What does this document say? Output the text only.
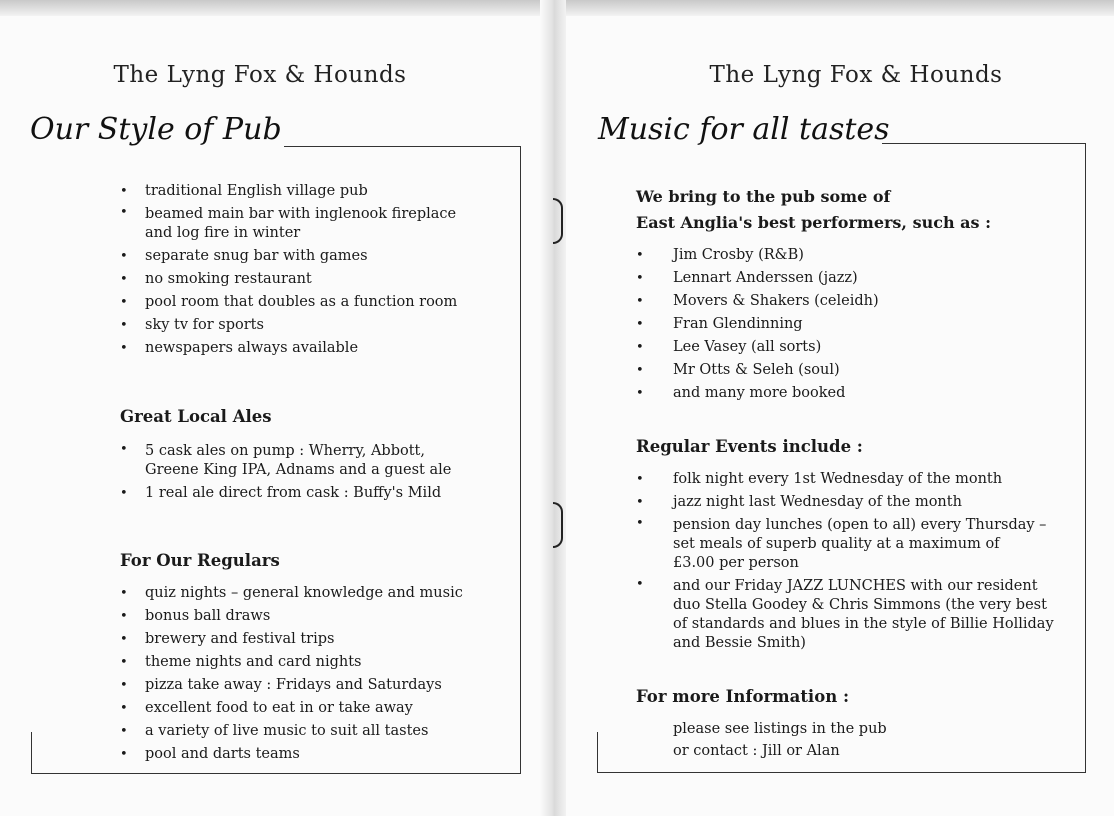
The Lyng Fox & Hounds
Our Style of Pub
• traditional English village pub
• beamed main bar with inglenook fireplace
and log fire in winter
• separate snug bar with games
• no smoking restaurant
• pool room that doubles as a function room
• sky tv for sports
• newspapers always available
Great Local Ales
• 5 cask ales on pump : Wherry, Abbott,
Greene King IPA, Adnams and a guest ale
• 1 real ale direct from cask : Buffy's Mild
For Our Regulars
• quiz nights – general knowledge and music
• bonus ball draws
• brewery and festival trips
• theme nights and card nights
• pizza take away : Fridays and Saturdays
• excellent food to eat in or take away
• a variety of live music to suit all tastes
• pool and darts teams
The Lyng Fox & Hounds
Music for all tastes
We bring to the pub some of
East Anglia's best performers, such as :
• Jim Crosby (R&B)
• Lennart Anderssen (jazz)
• Movers & Shakers (celeidh)
• Fran Glendinning
• Lee Vasey (all sorts)
• Mr Otts & Seleh (soul)
• and many more booked
Regular Events include :
• folk night every 1st Wednesday of the month
• jazz night last Wednesday of the month
• pension day lunches (open to all) every Thursday –
set meals of superb quality at a maximum of
£3.00 per person
• and our Friday JAZZ LUNCHES with our resident
duo Stella Goodey & Chris Simmons (the very best
of standards and blues in the style of Billie Holliday
and Bessie Smith)
For more Information :
please see listings in the pub
or contact : Jill or Alan
